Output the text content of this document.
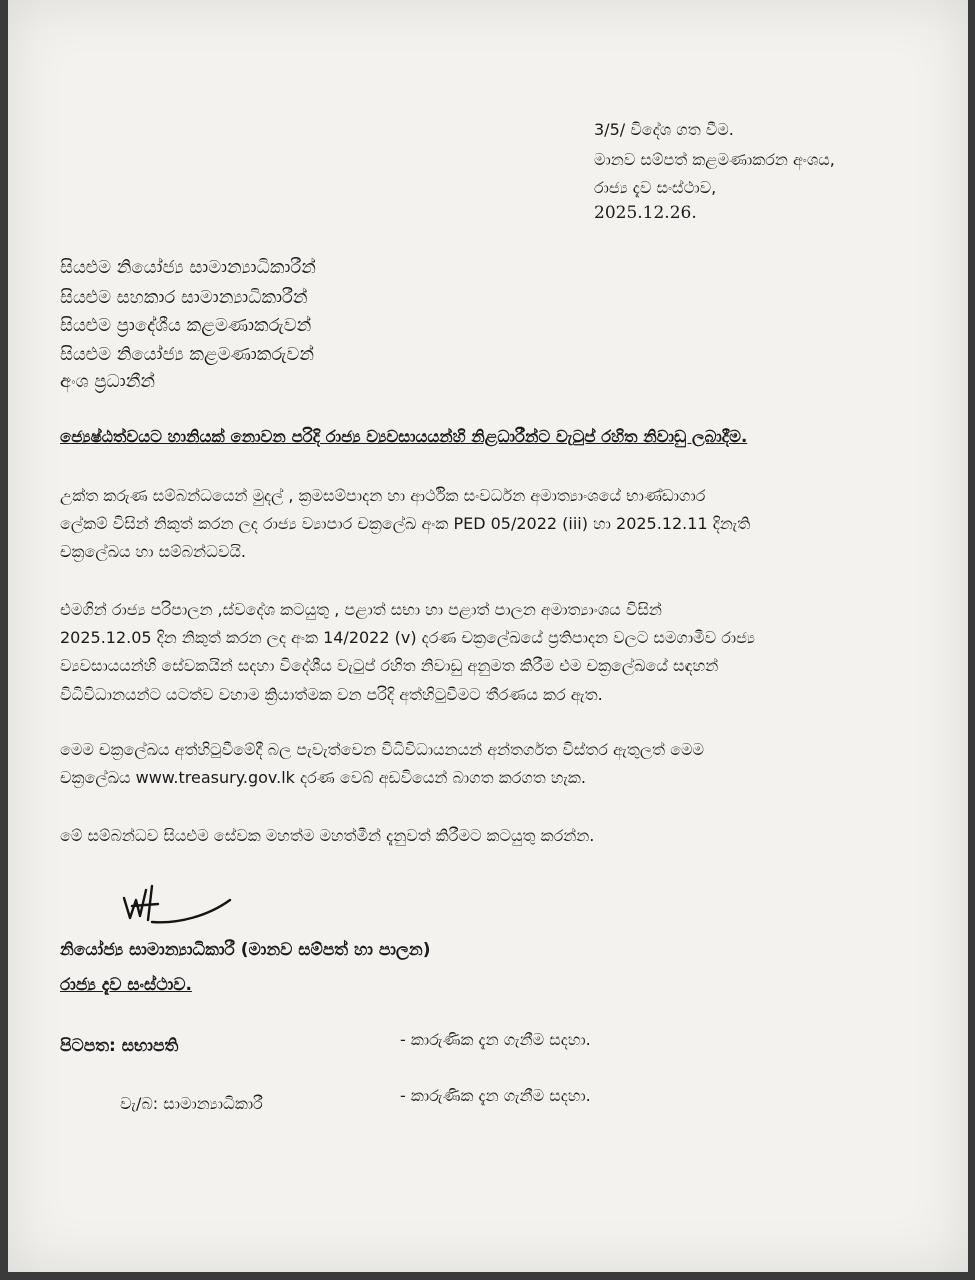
3/5/ විදේශ ගත වීම.
මානව සම්පත් කළමණාකරන අංශය,
රාජ්‍ය දැව සංස්ථාව,
2025.12.26.
සියළුම නියෝජ්‍ය සාමාන්‍යාධිකාරීන්
සියළුම සහකාර සාමාන්‍යාධිකාරීන්
සියළුම ප්‍රාදේශීය කළමණාකරුවන්
සියළුම නියෝජ්‍ය කළමණාකරුවන්
අංශ ප්‍රධානීන්
ජ්‍යෙෂ්ඨත්වයට හානියක් නොවන පරිදි රාජ්‍ය ව්‍යවසායයන්හි නිළධාරීන්ට වැටුප් රහිත නිවාඩු ලබාදීම.
උක්ත කරුණ සම්බන්ධයෙන් මුදල් , ක්‍රමසම්පාදන හා ආර්ථික සංවර්ධන අමාත්‍යාංශයේ භාණ්ඩාගාර
ලේකම් විසින් නිකුත් කරන ලද රාජ්‍ය ව්‍යාපාර චක්‍රලේඛ අංක PED 05/2022 (iii) හා 2025.12.11 දිනැති
චක්‍රලේඛය හා සම්බන්ධවයි.
එමගින් රාජ්‍ය පරිපාලන ,ස්වදේශ කටයුතු , පළාත් සභා හා පළාත් පාලන අමාත්‍යාංශය විසින්
2025.12.05 දින නිකුත් කරන ලද අංක 14/2022 (v) දරණ චක්‍රලේඛයේ ප්‍රතිපාදන වලට සමගාමීව රාජ්‍ය
ව්‍යවසායයන්හි සේවකයින් සදහා විදේශීය වැටුප් රහිත නිවාඩු අනුමත කිරීම එම චක්‍රලේඛයේ සඳහන්
විධිවිධානයන්ට යටත්ව වහාම ක්‍රියාත්මක වන පරිදි අත්හිටුවීමට තීරණය කර ඇත.
මෙම චක්‍රලේඛය අත්හිටුවීමේදී බල පැවැත්වෙන විධිවිධායනයන් අන්තර්ගත විස්තර ඇතුලත් මෙම
චක්‍රලේඛය www.treasury.gov.lk දරණ වෙබ් අඩවියෙන් බාගත කරගත හැක.
මේ සම්බන්ධව සියළුම සේවක මහත්ම මහත්මීන් දැනුවත් කිරීමට කටයුතු කරන්න.
නියෝජ්‍ය සාමාන්‍යාධිකාරී (මානව සම්පත් හා පාලන)
රාජ්‍ය දැව සංස්ථාව.
පිටපත: සභාපති	- කාරුණික දැන ගැනීම සදහා.
වැ/බ: සාමාන්‍යාධිකාරී	- කාරුණික දැන ගැනීම සදහා.
